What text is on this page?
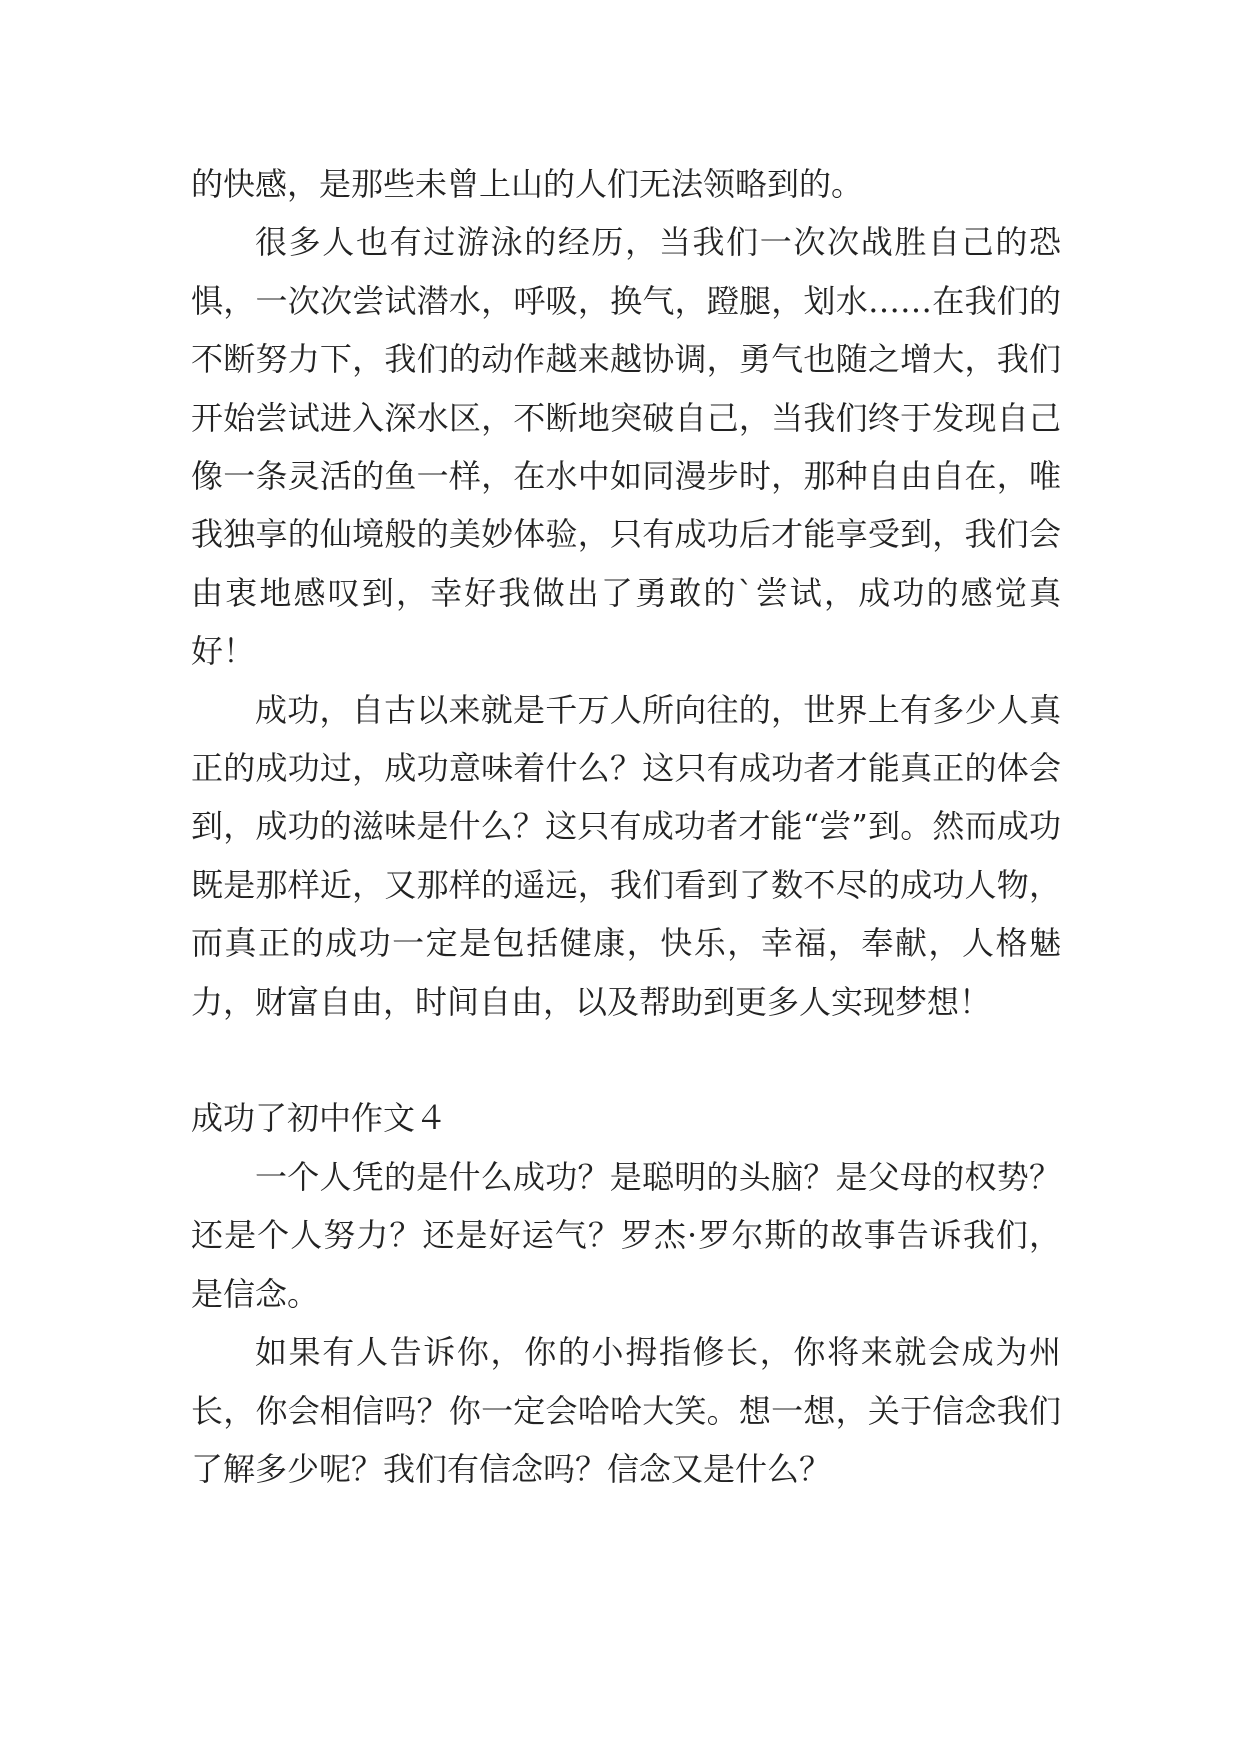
的快感，是那些未曾上山的人们无法领略到的。

很多人也有过游泳的经历，当我们一次次战胜自己的恐惧，一次次尝试潜水，呼吸，换气，蹬腿，划水……在我们的不断努力下，我们的动作越来越协调，勇气也随之增大，我们开始尝试进入深水区，不断地突破自己，当我们终于发现自己像一条灵活的鱼一样，在水中如同漫步时，那种自由自在，唯我独享的仙境般的美妙体验，只有成功后才能享受到，我们会由衷地感叹到，幸好我做出了勇敢的`尝试，成功的感觉真好！

成功，自古以来就是千万人所向往的，世界上有多少人真正的成功过，成功意味着什么？这只有成功者才能真正的体会到，成功的滋味是什么？这只有成功者才能“尝”到。然而成功既是那样近，又那样的遥远，我们看到了数不尽的成功人物，而真正的成功一定是包括健康，快乐，幸福，奉献，人格魅力，财富自由，时间自由，以及帮助到更多人实现梦想！

成功了初中作文４

一个人凭的是什么成功？是聪明的头脑？是父母的权势？还是个人努力？还是好运气？罗杰·罗尔斯的故事告诉我们，是信念。

如果有人告诉你，你的小拇指修长，你将来就会成为州长，你会相信吗？你一定会哈哈大笑。想一想，关于信念我们了解多少呢？我们有信念吗？信念又是什么？
